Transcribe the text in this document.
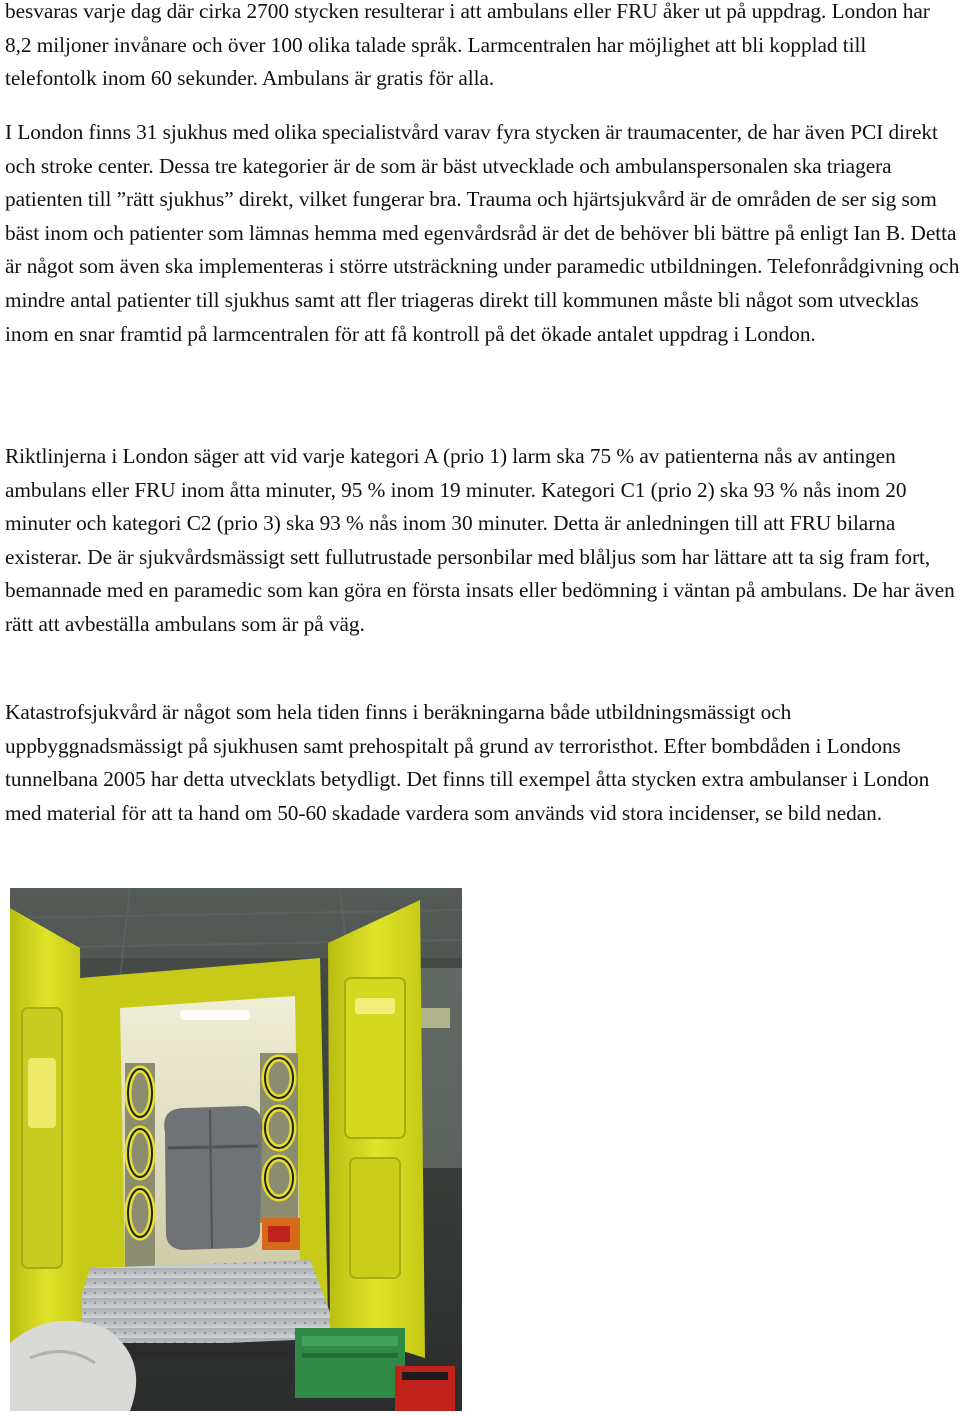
besvaras varje dag där cirka 2700 stycken resulterar i att ambulans eller FRU åker ut på uppdrag. London har 8,2 miljoner invånare och över 100 olika talade språk. Larmcentralen har möjlighet att bli kopplad till telefontolk inom 60 sekunder. Ambulans är gratis för alla.

I London finns 31 sjukhus med olika specialistvård varav fyra stycken är traumacenter, de har även PCI direkt och stroke center. Dessa tre kategorier är de som är bäst utvecklade och ambulanspersonalen ska triagera patienten till ”rätt sjukhus” direkt, vilket fungerar bra. Trauma och hjärtsjukvård är de områden de ser sig som bäst inom och patienter som lämnas hemma med egenvårdsråd är det de behöver bli bättre på enligt Ian B. Detta är något som även ska implementeras i större utsträckning under paramedic utbildningen. Telefonrådgivning och mindre antal patienter till sjukhus samt att fler triageras direkt till kommunen måste bli något som utvecklas inom en snar framtid på larmcentralen för att få kontroll på det ökade antalet uppdrag i London.

Riktlinjerna i London säger att vid varje kategori A (prio 1) larm ska 75 % av patienterna nås av antingen ambulans eller FRU inom åtta minuter, 95 % inom 19 minuter. Kategori C1 (prio 2) ska 93 % nås inom 20 minuter och kategori C2 (prio 3) ska 93 % nås inom 30 minuter. Detta är anledningen till att FRU bilarna existerar. De är sjukvårdsmässigt sett fullutrustade personbilar med blåljus som har lättare att ta sig fram fort, bemannade med en paramedic som kan göra en första insats eller bedömning i väntan på ambulans. De har även rätt att avbeställa ambulans som är på väg.

Katastrofsjukvård är något som hela tiden finns i beräkningarna både utbildningsmässigt och uppbyggnadsmässigt på sjukhusen samt prehospitalt på grund av terroristhot. Efter bombdåden i Londons tunnelbana 2005 har detta utvecklats betydligt. Det finns till exempel åtta stycken extra ambulanser i London med material för att ta hand om 50-60 skadade vardera som används vid stora incidenser, se bild nedan.
